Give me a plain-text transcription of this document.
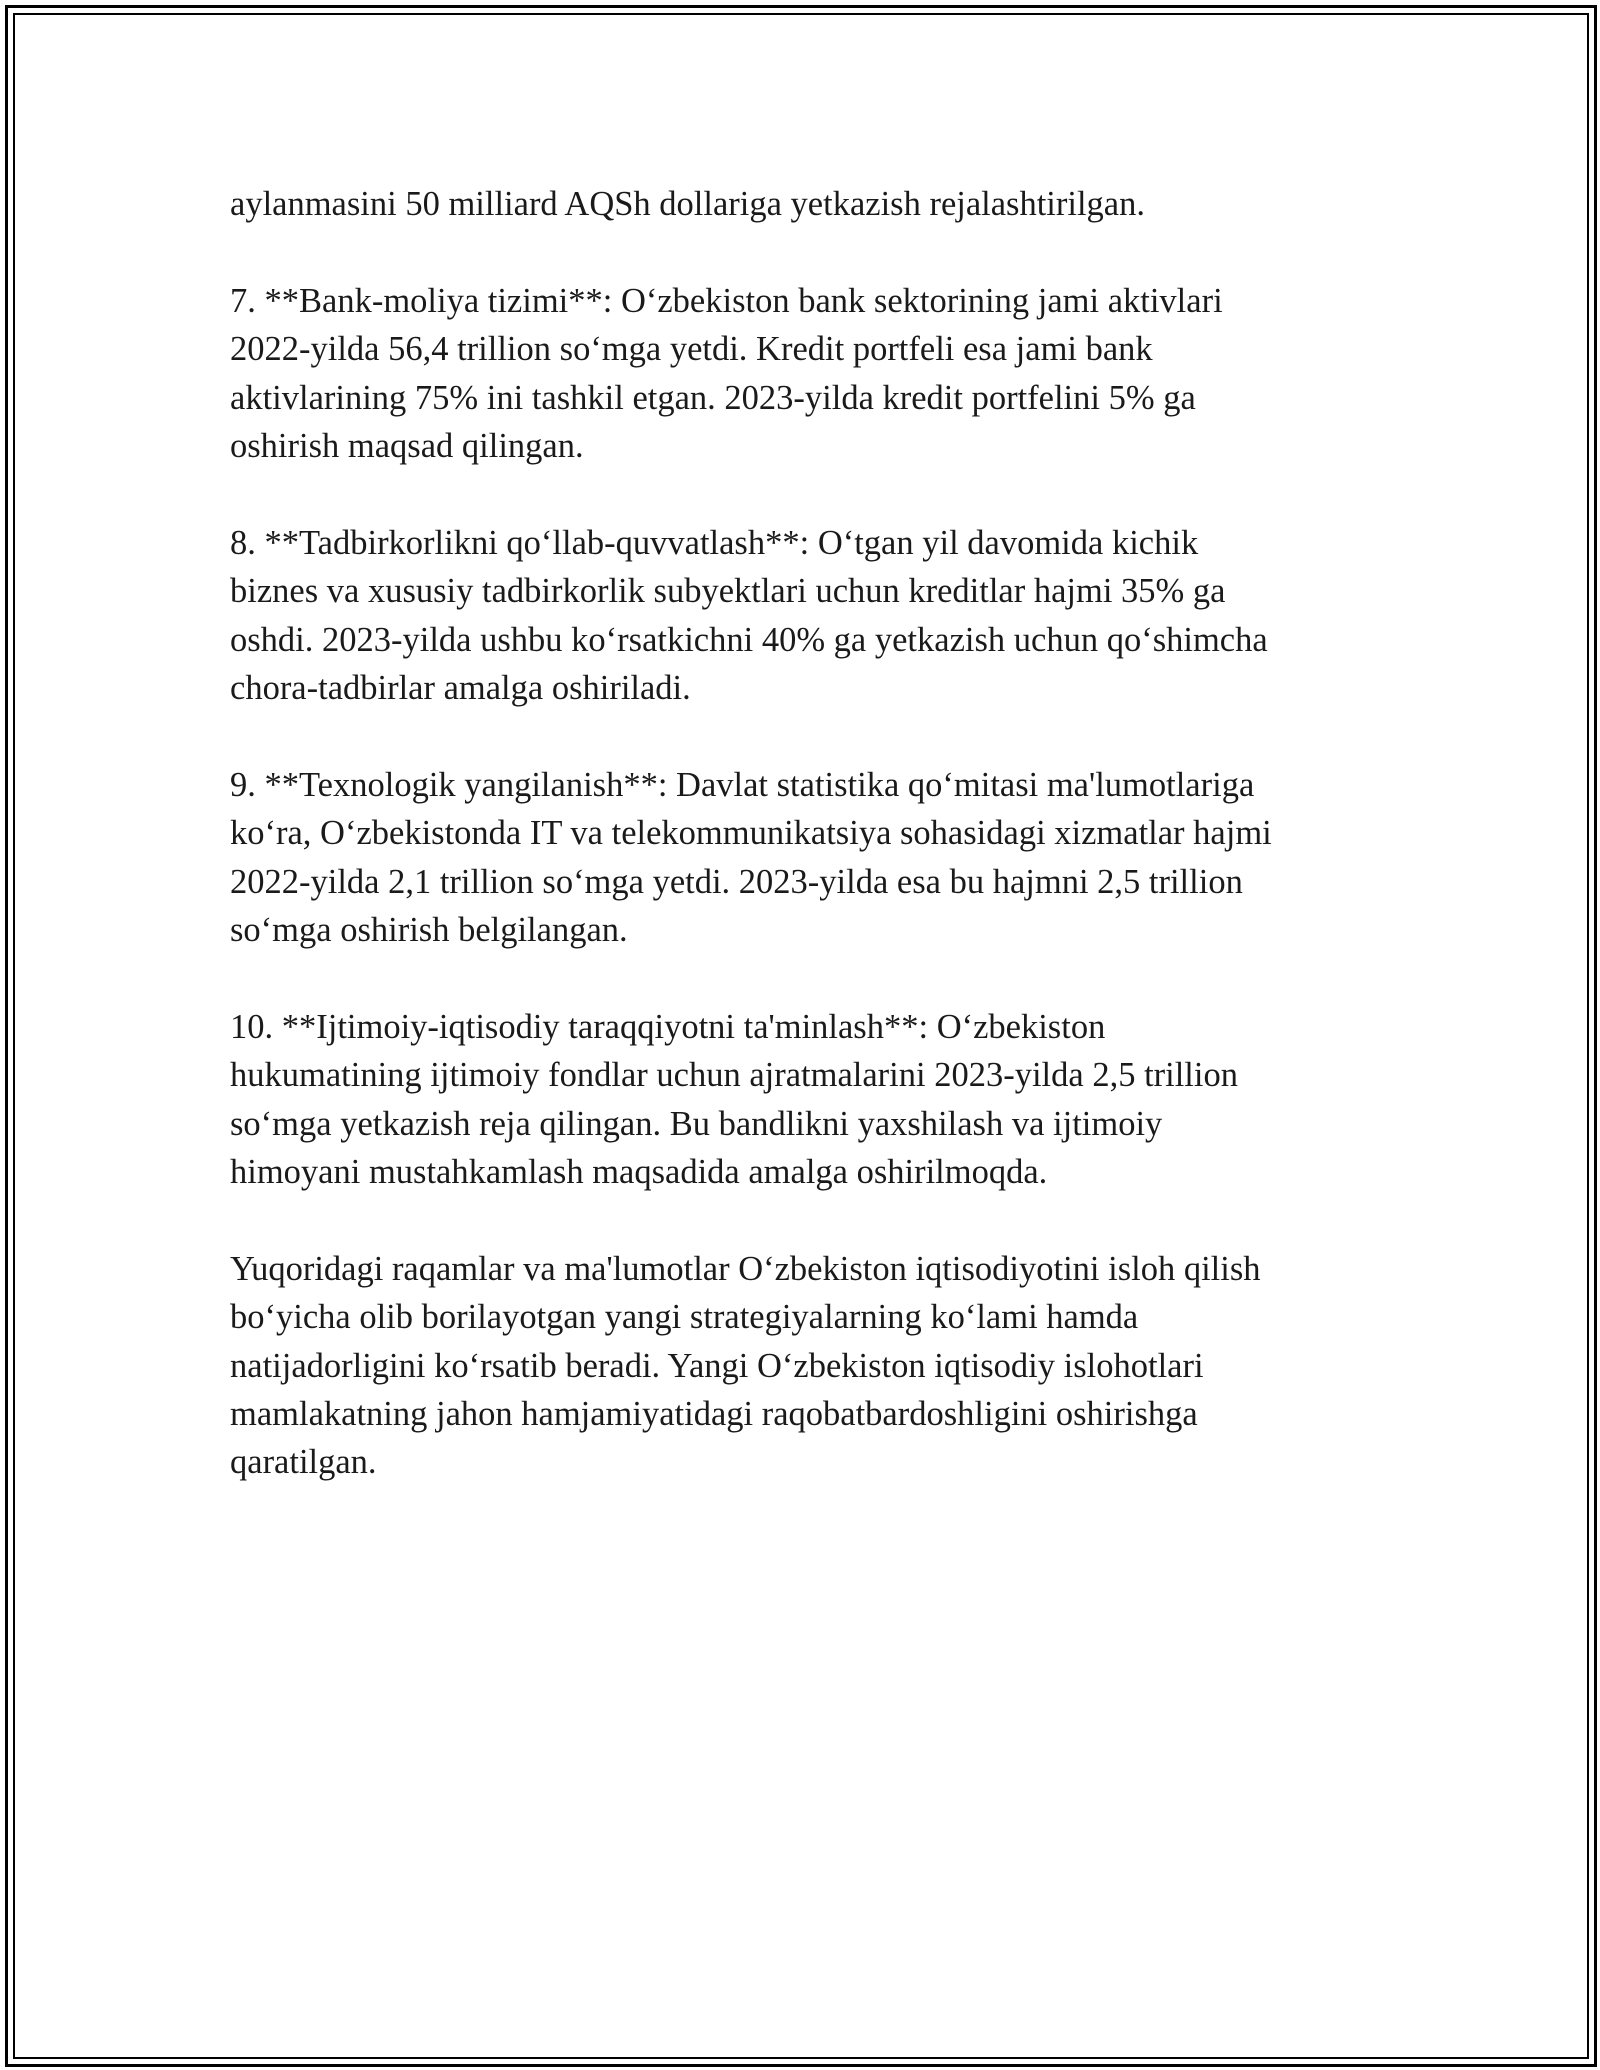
aylanmasini 50 milliard AQSh dollariga yetkazish rejalashtirilgan.

7. **Bank-moliya tizimi**: O‘zbekiston bank sektorining jami aktivlari
2022-yilda 56,4 trillion so‘mga yetdi. Kredit portfeli esa jami bank
aktivlarining 75% ini tashkil etgan. 2023-yilda kredit portfelini 5% ga
oshirish maqsad qilingan.

8. **Tadbirkorlikni qo‘llab-quvvatlash**: O‘tgan yil davomida kichik
biznes va xususiy tadbirkorlik subyektlari uchun kreditlar hajmi 35% ga
oshdi. 2023-yilda ushbu ko‘rsatkichni 40% ga yetkazish uchun qo‘shimcha
chora-tadbirlar amalga oshiriladi.

9. **Texnologik yangilanish**: Davlat statistika qo‘mitasi ma'lumotlariga
ko‘ra, O‘zbekistonda IT va telekommunikatsiya sohasidagi xizmatlar hajmi
2022-yilda 2,1 trillion so‘mga yetdi. 2023-yilda esa bu hajmni 2,5 trillion
so‘mga oshirish belgilangan.

10. **Ijtimoiy-iqtisodiy taraqqiyotni ta'minlash**: O‘zbekiston
hukumatining ijtimoiy fondlar uchun ajratmalarini 2023-yilda 2,5 trillion
so‘mga yetkazish reja qilingan. Bu bandlikni yaxshilash va ijtimoiy
himoyani mustahkamlash maqsadida amalga oshirilmoqda.

Yuqoridagi raqamlar va ma'lumotlar O‘zbekiston iqtisodiyotini isloh qilish
bo‘yicha olib borilayotgan yangi strategiyalarning ko‘lami hamda
natijadorligini ko‘rsatib beradi. Yangi O‘zbekiston iqtisodiy islohotlari
mamlakatning jahon hamjamiyatidagi raqobatbardoshligini oshirishga
qaratilgan.
